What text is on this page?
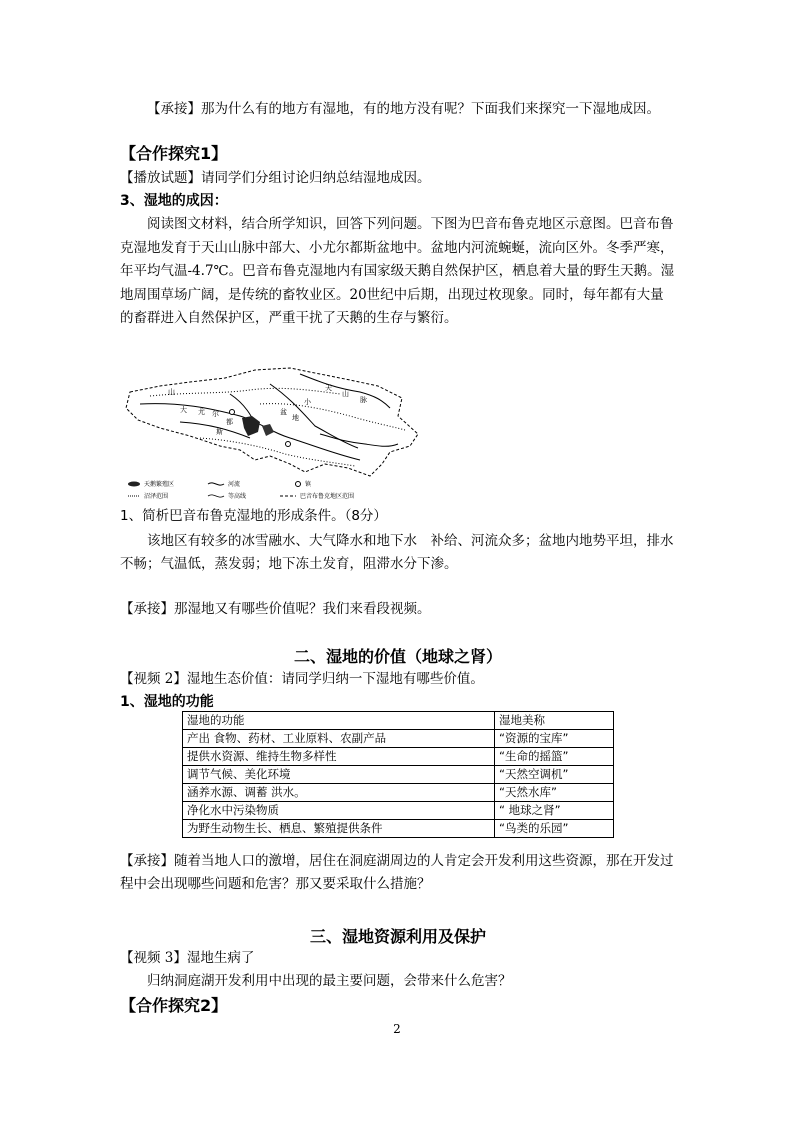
【承接】那为什么有的地方有湿地，有的地方没有呢？下面我们来探究一下湿地成因。

【合作探究1】

【播放试题】请同学们分组讨论归纳总结湿地成因。

3、湿地的成因：

阅读图文材料，结合所学知识，回答下列问题。下图为巴音布鲁克地区示意图。巴音布鲁克湿地发育于天山山脉中部大、小尤尔都斯盆地中。盆地内河流蜿蜒，流向区外。冬季严寒，年平均气温-4.7℃。巴音布鲁克湿地内有国家级天鹅自然保护区，栖息着大量的野生天鹅。湿地周围草场广阔，是传统的畜牧业区。20世纪中后期，出现过枚现象。同时，每年都有大量的畜群进入自然保护区，严重干扰了天鹅的生存与繁衍。

山
大 尤 尔
都
斯
盆
地
小
天
山
脉
天鹅繁殖区	河流	镇
沼泽范围	等高线	巴音布鲁克地区范围

1、简析巴音布鲁克湿地的形成条件。（8分）

该地区有较多的冰雪融水、大气降水和地下水　补给、河流众多；盆地内地势平坦，排水不畅；气温低，蒸发弱；地下冻土发育，阻滞水分下渗。

【承接】那湿地又有哪些价值呢？我们来看段视频。

二、湿地的价值（地球之肾）

【视频 2】湿地生态价值：请同学归纳一下湿地有哪些价值。

1、湿地的功能

湿地的功能	湿地美称
产出 食物、药材、工业原料、农副产品	“资源的宝库”
提供水资源、维持生物多样性	“生命的摇篮”
调节气候、美化环境	“天然空调机”
涵养水源、调蓄 洪水。	“天然水库”
净化水中污染物质	“ 地球之肾”
为野生动物生长、栖息、繁殖提供条件	“鸟类的乐园”

【承接】随着当地人口的激增，居住在洞庭湖周边的人肯定会开发利用这些资源，那在开发过程中会出现哪些问题和危害？那又要采取什么措施？

三、湿地资源利用及保护

【视频 3】湿地生病了

归纳洞庭湖开发利用中出现的最主要问题，会带来什么危害？

【合作探究2】

2
